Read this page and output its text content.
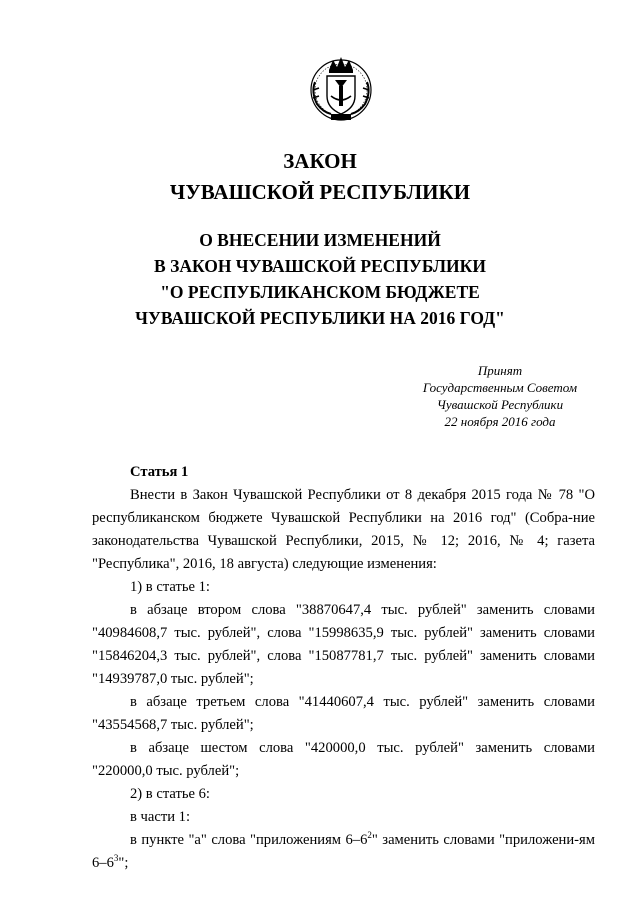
ЗАКОН
ЧУВАШСКОЙ РЕСПУБЛИКИ
О ВНЕСЕНИИ ИЗМЕНЕНИЙ
В ЗАКОН ЧУВАШСКОЙ РЕСПУБЛИКИ
"О РЕСПУБЛИКАНСКОМ БЮДЖЕТЕ
ЧУВАШСКОЙ РЕСПУБЛИКИ НА 2016 ГОД"
Принят
Государственным Советом
Чувашской Республики
22 ноября 2016 года

Статья 1

Внести в Закон Чувашской Республики от 8 декабря 2015 года № 78 "О республиканском бюджете Чувашской Республики на 2016 год" (Собра-ние законодательства Чувашской Республики, 2015, № 12; 2016, № 4; газета "Республика", 2016, 18 августа) следующие изменения:

1) в статье 1:

в абзаце втором слова "38870647,4 тыс. рублей" заменить словами "40984608,7 тыс. рублей", слова "15998635,9 тыс. рублей" заменить словами "15846204,3 тыс. рублей", слова "15087781,7 тыс. рублей" заменить словами "14939787,0 тыс. рублей";

в абзаце третьем слова "41440607,4 тыс. рублей" заменить словами "43554568,7 тыс. рублей";

в абзаце шестом слова "420000,0 тыс. рублей" заменить словами "220000,0 тыс. рублей";

2) в статье 6:

в части 1:

в пункте "а" слова "приложениям $6-6^2$" заменить словами "приложени-ям $6-6^3$";
